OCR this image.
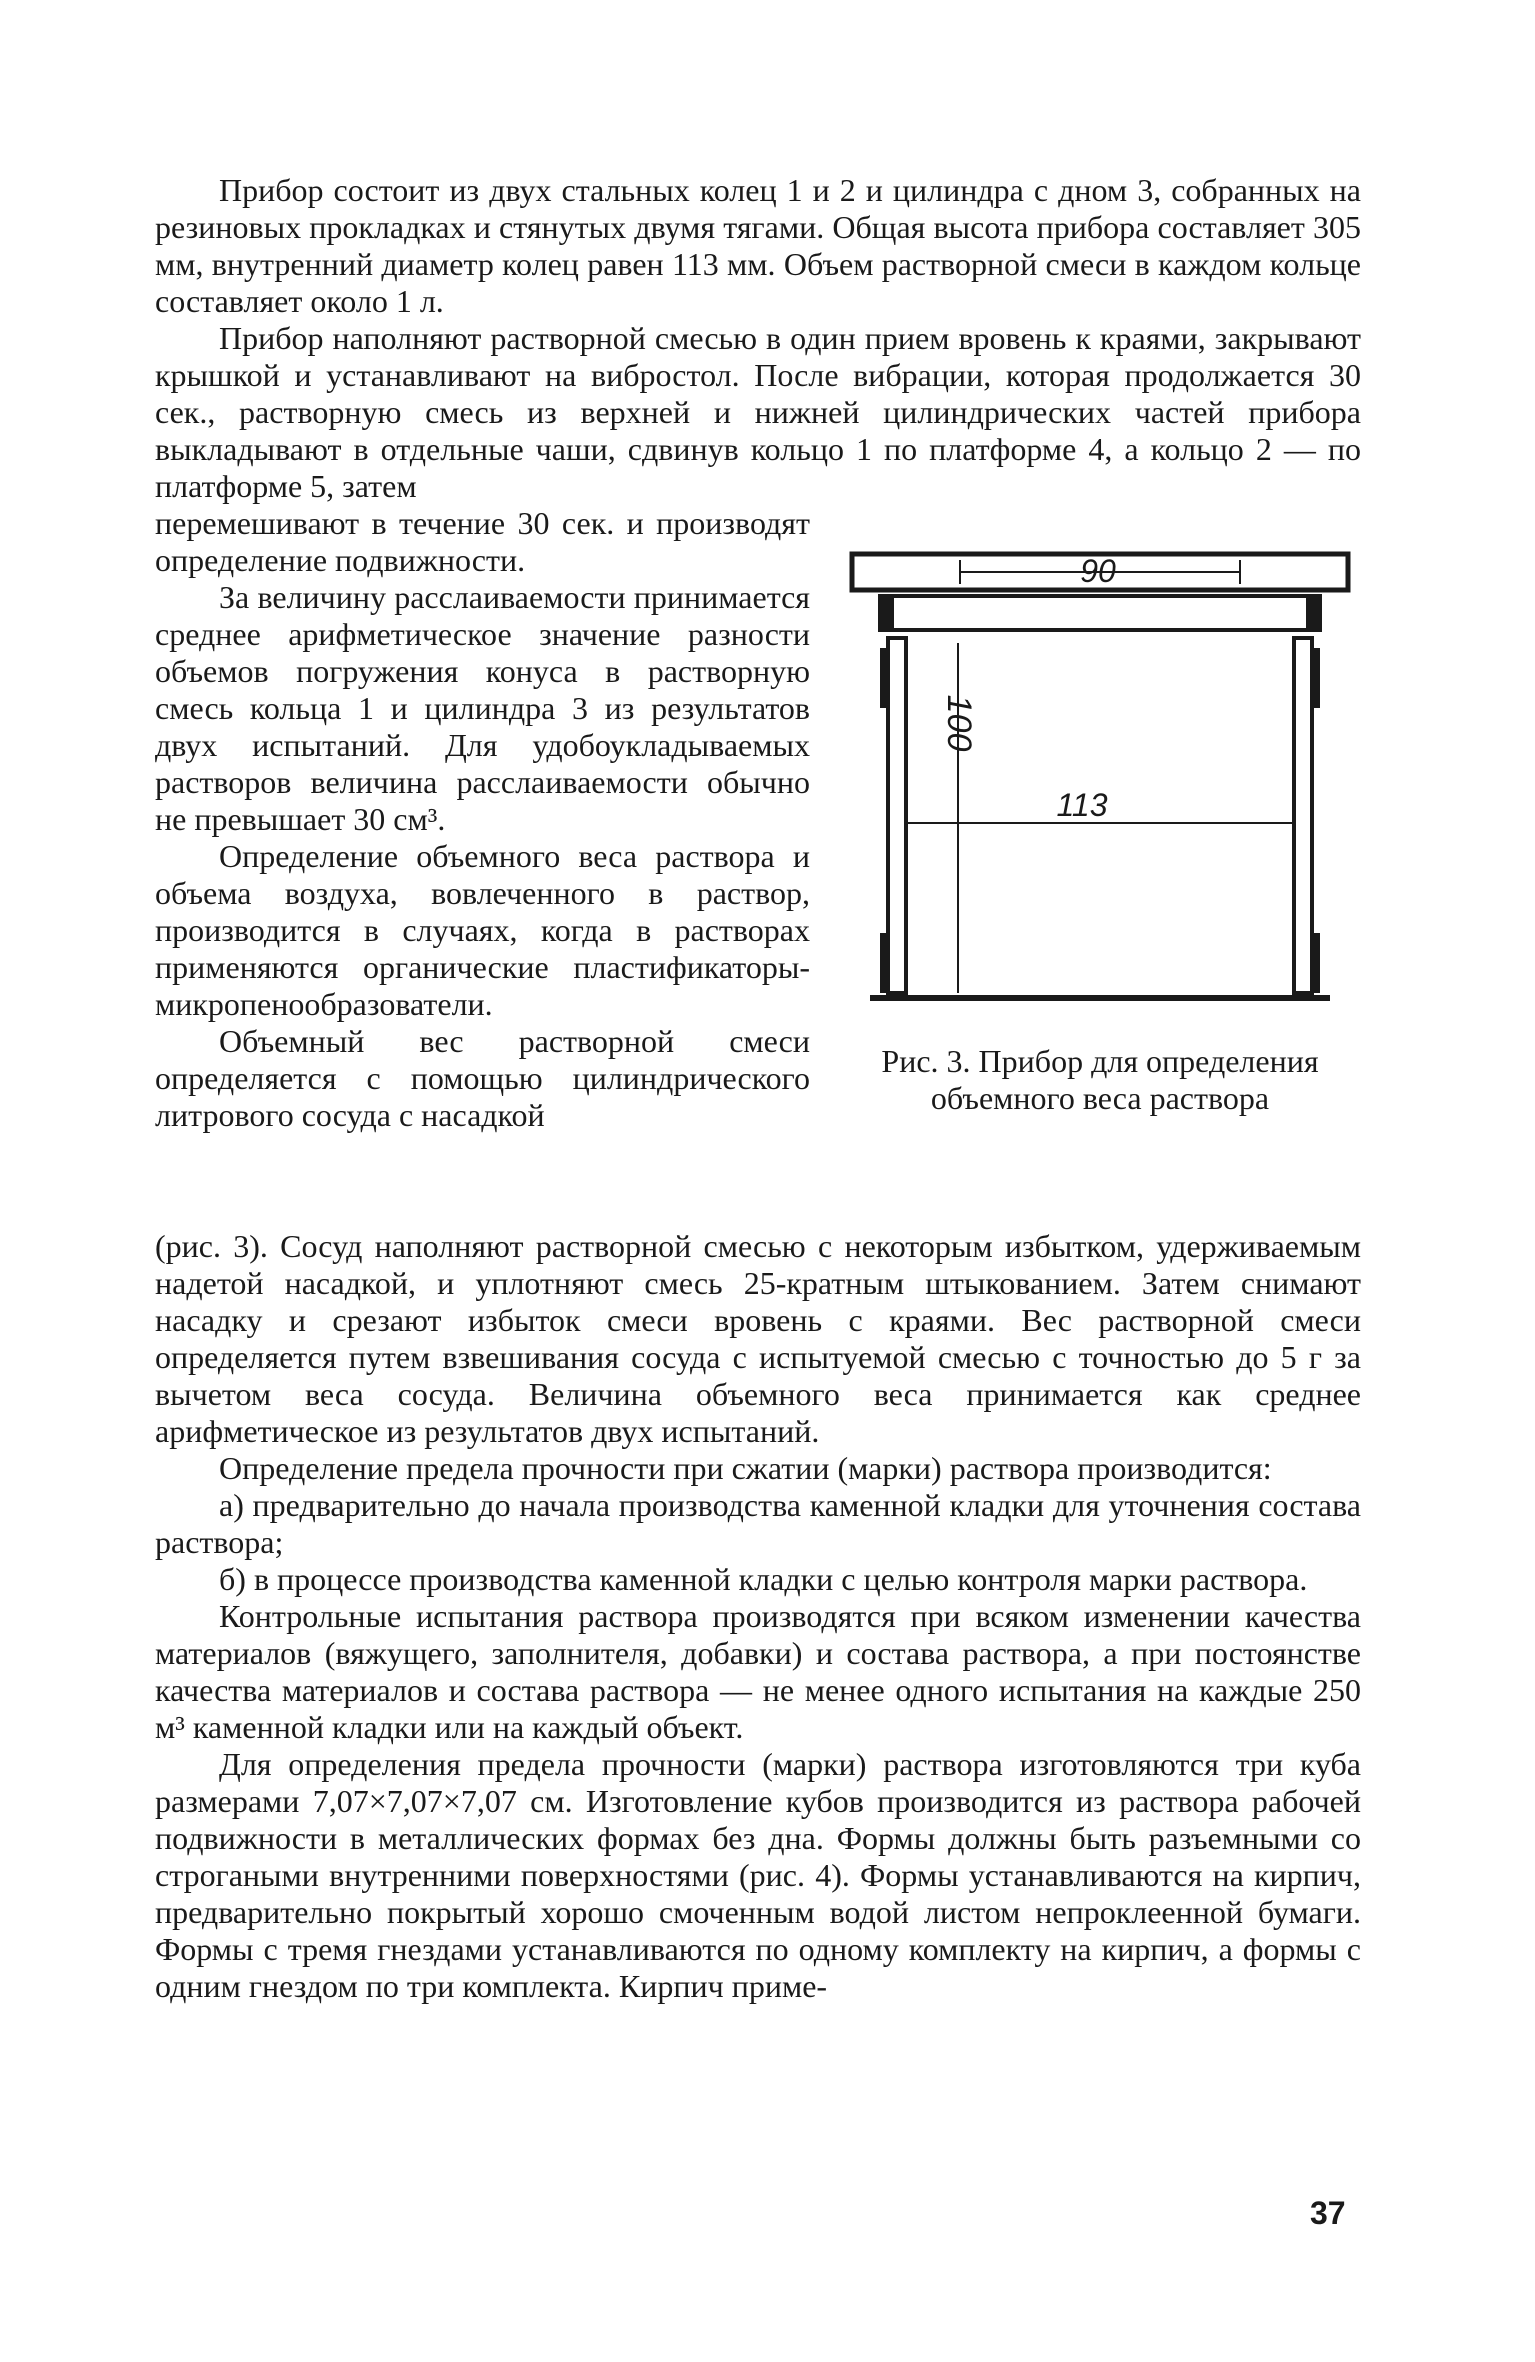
Прибор состоит из двух стальных колец 1 и 2 и цилиндра с дном 3, собранных на резиновых прокладках и стянутых двумя тягами. Общая высота прибора составляет 305 мм, внутренний диаметр колец равен 113 мм. Объем растворной смеси в каждом кольце составляет около 1 л.

Прибор наполняют растворной смесью в один прием вровень к краями, закрывают крышкой и устанавливают на вибростол. После вибрации, которая продолжается 30 сек., растворную смесь из верхней и нижней цилиндрических частей прибора выкладывают в отдельные чаши, сдвинув кольцо 1 по платформе 4, а кольцо 2 — по платформе 5, затем

перемешивают в течение 30 сек. и производят определение подвижности.

За величину расслаиваемости принимается среднее арифметическое значение разности объемов погружения конуса в растворную смесь кольца 1 и цилиндра 3 из результатов двух испытаний. Для удобоукладываемых растворов величина расслаиваемости обычно не превышает 30 см³.

Определение объемного веса раствора и объема воздуха, вовлеченного в раствор, производится в случаях, когда в растворах применяются органические пластификаторы-микропенообразователи.

Объемный вес растворной смеси определяется с помощью цилиндрического литрового сосуда с насадкой

90
100
113
Рис. 3. Прибор для определения объемного веса раствора

(рис. 3). Сосуд наполняют растворной смесью с некоторым избытком, удерживаемым надетой насадкой, и уплотняют смесь 25-кратным штыкованием. Затем снимают насадку и срезают избыток смеси вровень с краями. Вес растворной смеси определяется путем взвешивания сосуда с испытуемой смесью с точностью до 5 г за вычетом веса сосуда. Величина объемного веса принимается как среднее арифметическое из результатов двух испытаний.

Определение предела прочности при сжатии (марки) раствора производится:

а) предварительно до начала производства каменной кладки для уточнения состава раствора;

б) в процессе производства каменной кладки с целью контроля марки раствора.

Контрольные испытания раствора производятся при всяком изменении качества материалов (вяжущего, заполнителя, добавки) и состава раствора, а при постоянстве качества материалов и состава раствора — не менее одного испытания на каждые 250 м³ каменной кладки или на каждый объект.

Для определения предела прочности (марки) раствора изготовляются три куба размерами 7,07×7,07×7,07 см. Изготовление кубов производится из раствора рабочей подвижности в металлических формах без дна. Формы должны быть разъемными со строгаными внутренними поверхностями (рис. 4). Формы устанавливаются на кирпич, предварительно покрытый хорошо смоченным водой листом непроклеенной бумаги. Формы с тремя гнездами устанавливаются по одному комплекту на кирпич, а формы с одним гнездом по три комплекта. Кирпич приме-

37
